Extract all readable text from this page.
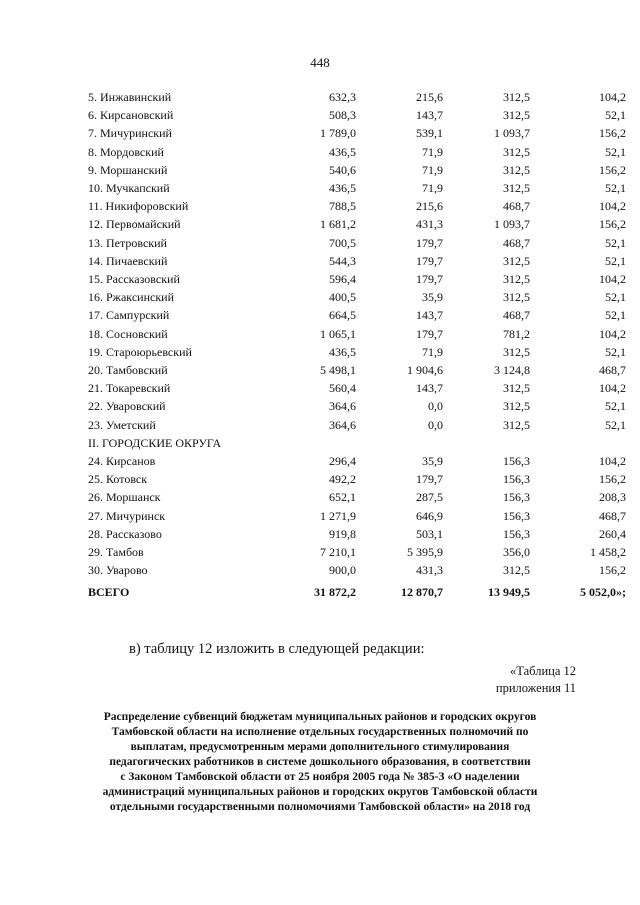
448
5. Инжавинский	632,3	215,6	312,5	104,2
6. Кирсановский	508,3	143,7	312,5	52,1
7. Мичуринский	1 789,0	539,1	1 093,7	156,2
8. Мордовский	436,5	71,9	312,5	52,1
9. Моршанский	540,6	71,9	312,5	156,2
10. Мучкапский	436,5	71,9	312,5	52,1
11. Никифоровский	788,5	215,6	468,7	104,2
12. Первомайский	1 681,2	431,3	1 093,7	156,2
13. Петровский	700,5	179,7	468,7	52,1
14. Пичаевский	544,3	179,7	312,5	52,1
15. Рассказовский	596,4	179,7	312,5	104,2
16. Ржаксинский	400,5	35,9	312,5	52,1
17. Сампурский	664,5	143,7	468,7	52,1
18. Сосновский	1 065,1	179,7	781,2	104,2
19. Староюрьевский	436,5	71,9	312,5	52,1
20. Тамбовский	5 498,1	1 904,6	3 124,8	468,7
21. Токаревский	560,4	143,7	312,5	104,2
22. Уваровский	364,6	0,0	312,5	52,1
23. Уметский	364,6	0,0	312,5	52,1
II. ГОРОДСКИЕ ОКРУГА				
24. Кирсанов	296,4	35,9	156,3	104,2
25. Котовск	492,2	179,7	156,3	156,2
26. Моршанск	652,1	287,5	156,3	208,3
27. Мичуринск	1 271,9	646,9	156,3	468,7
28. Рассказово	919,8	503,1	156,3	260,4
29. Тамбов	7 210,1	5 395,9	356,0	1 458,2
30. Уварово	900,0	431,3	312,5	156,2
ВСЕГО	31 872,2	12 870,7	13 949,5	5 052,0»;
в) таблицу 12 изложить в следующей редакции:
«Таблица 12
приложения 11
Распределение субвенций бюджетам муниципальных районов и городских округов
Тамбовской области на исполнение отдельных государственных полномочий по
выплатам, предусмотренным мерами дополнительного стимулирования
педагогических работников в системе дошкольного образования, в соответствии
с Законом Тамбовской области от 25 ноября 2005 года № 385-З «О наделении
администраций муниципальных районов и городских округов Тамбовской области
отдельными государственными полномочиями Тамбовской области» на 2018 год
